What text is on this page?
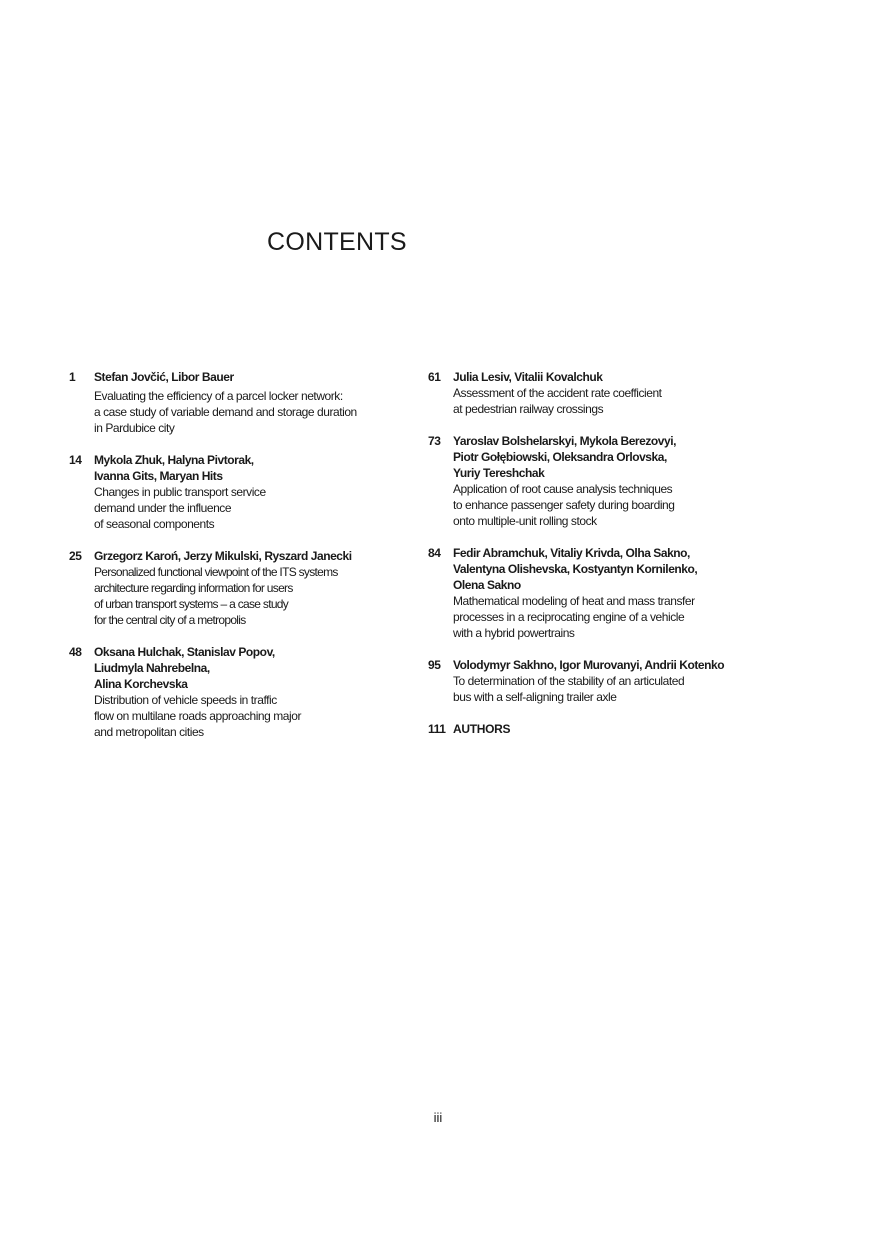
CONTENTS
1	Stefan Jovčić, Libor Bauer
Evaluating the efficiency of a parcel locker network:
a case study of variable demand and storage duration
in Pardubice city
14	Mykola Zhuk, Halyna Pivtorak,
Ivanna Gits, Maryan Hits
Changes in public transport service
demand under the influence
of seasonal components
25	Grzegorz Karoń, Jerzy Mikulski, Ryszard Janecki
Personalized functional viewpoint of the ITS systems
architecture regarding information for users
of urban transport systems – a case study
for the central city of a metropolis
48	Oksana Hulchak, Stanislav Popov,
Liudmyla Nahrebelna,
Alina Korchevska
Distribution of vehicle speeds in traffic
flow on multilane roads approaching major
and metropolitan cities
61	Julia Lesiv, Vitalii Kovalchuk
Assessment of the accident rate coefficient
at pedestrian railway crossings
73	Yaroslav Bolshelarskyi, Mykola Berezovyi,
Piotr Gołębiowski, Oleksandra Orlovska,
Yuriy Tereshchak
Application of root cause analysis techniques
to enhance passenger safety during boarding
onto multiple-unit rolling stock
84	Fedir Abramchuk, Vitaliy Krivda, Olha Sakno,
Valentyna Olishevska, Kostyantyn Kornilenko,
Olena Sakno
Mathematical modeling of heat and mass transfer
processes in a reciprocating engine of a vehicle
with a hybrid powertrains
95	Volodymyr Sakhno, Igor Murovanyi, Andrii Kotenko
To determination of the stability of an articulated
bus with a self-aligning trailer axle
111 AUTHORS

iii
